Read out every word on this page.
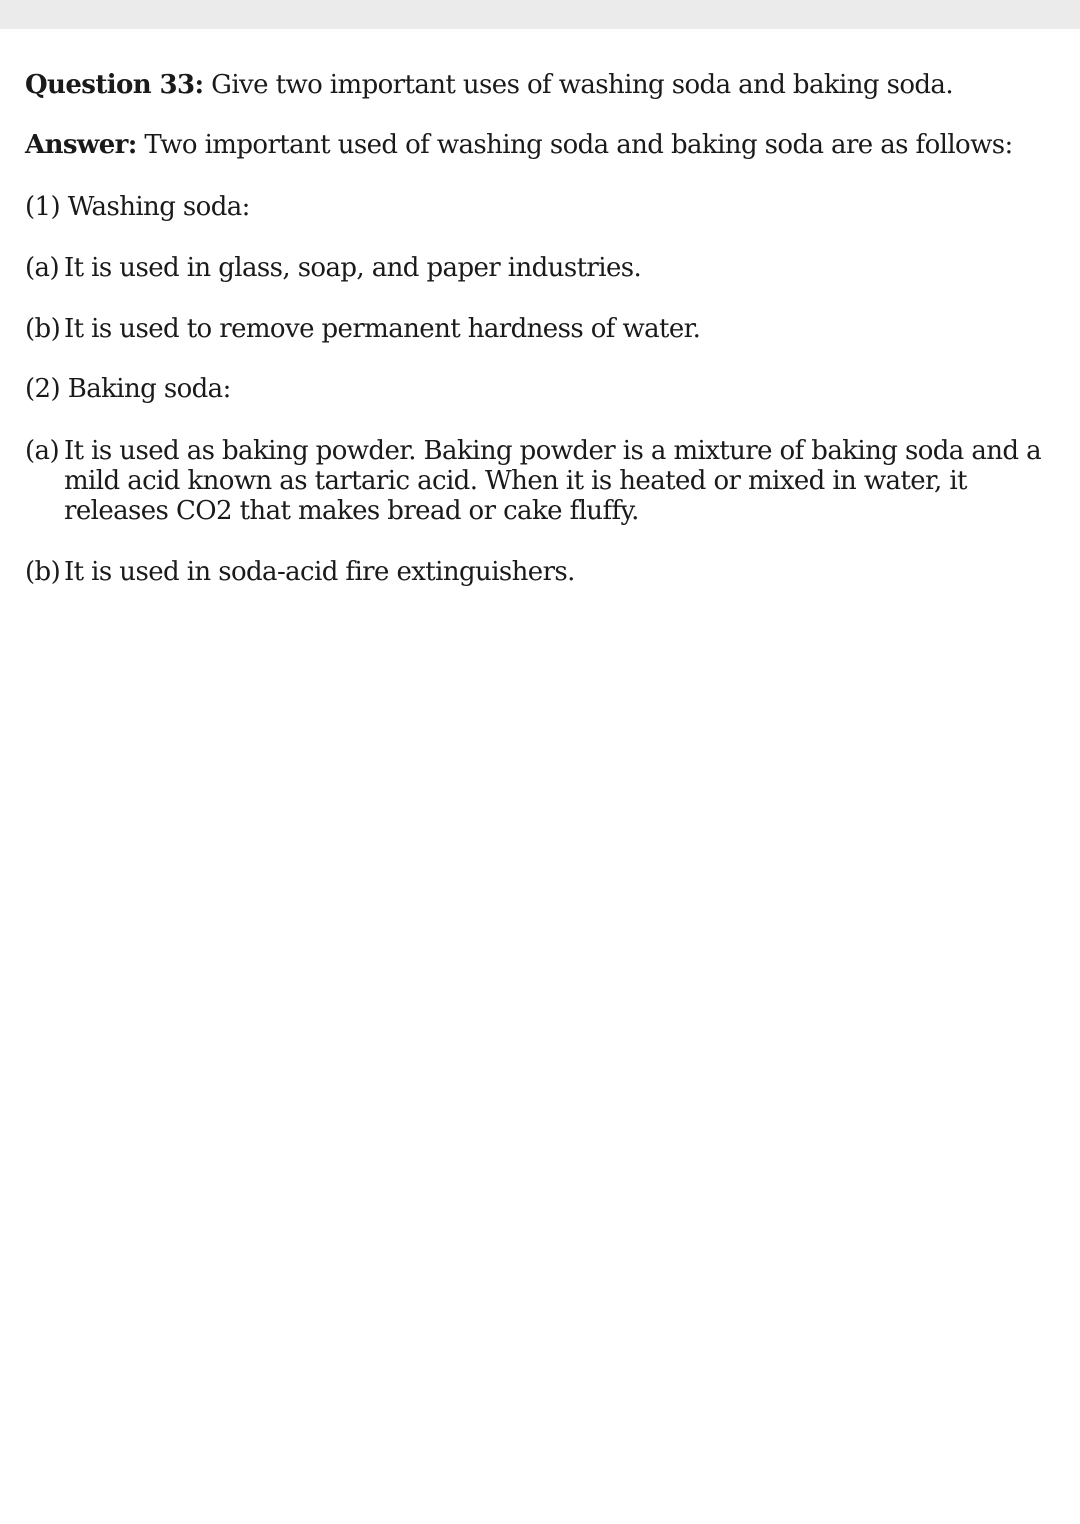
Question 33: Give two important uses of washing soda and baking soda.

Answer: Two important used of washing soda and baking soda are as follows:

(1) Washing soda:

(a) It is used in glass, soap, and paper industries.

(b) It is used to remove permanent hardness of water.

(2) Baking soda:

(a) It is used as baking powder. Baking powder is a mixture of baking soda and a mild acid known as tartaric acid. When it is heated or mixed in water, it releases CO2 that makes bread or cake fluffy.

(b) It is used in soda-acid fire extinguishers.
